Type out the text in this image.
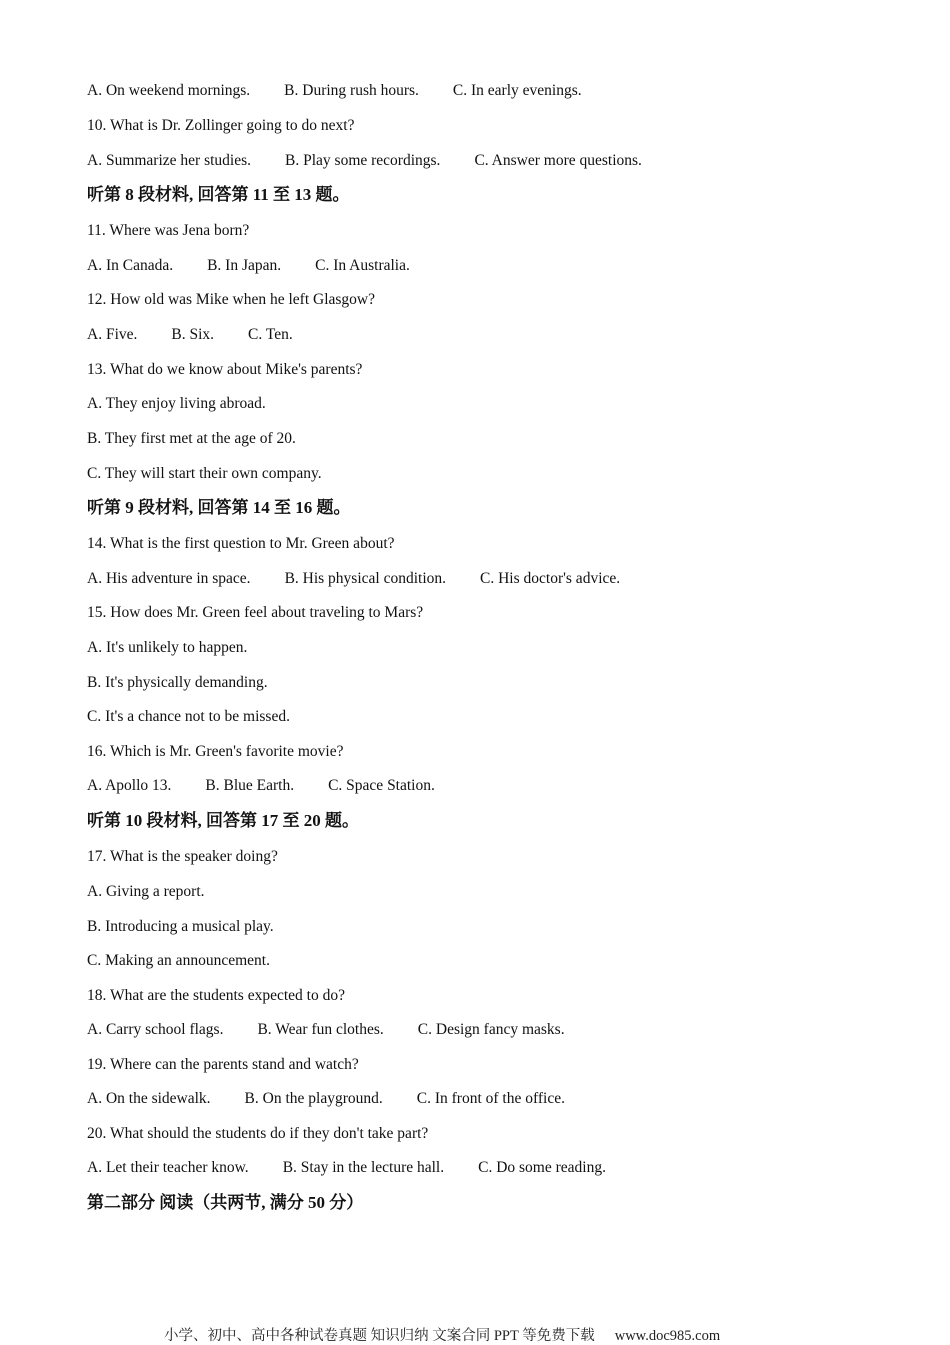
A. On weekend mornings. B. During rush hours. C. In early evenings.
10. What is Dr. Zollinger going to do next?
A. Summarize her studies. B. Play some recordings. C. Answer more questions.
听第 8 段材料, 回答第 11 至 13 题。
11. Where was Jena born?
A. In Canada. B. In Japan. C. In Australia.
12. How old was Mike when he left Glasgow?
A. Five. B. Six. C. Ten.
13. What do we know about Mike's parents?
A. They enjoy living abroad.
B. They first met at the age of 20.
C. They will start their own company.
听第 9 段材料, 回答第 14 至 16 题。
14. What is the first question to Mr. Green about?
A. His adventure in space. B. His physical condition. C. His doctor's advice.
15. How does Mr. Green feel about traveling to Mars?
A. It's unlikely to happen.
B. It's physically demanding.
C. It's a chance not to be missed.
16. Which is Mr. Green's favorite movie?
A. Apollo 13. B. Blue Earth. C. Space Station.
听第 10 段材料, 回答第 17 至 20 题。
17. What is the speaker doing?
A. Giving a report.
B. Introducing a musical play.
C. Making an announcement.
18. What are the students expected to do?
A. Carry school flags. B. Wear fun clothes. C. Design fancy masks.
19. Where can the parents stand and watch?
A. On the sidewalk. B. On the playground. C. In front of the office.
20. What should the students do if they don't take part?
A. Let their teacher know. B. Stay in the lecture hall. C. Do some reading.
第二部分 阅读（共两节, 满分 50 分）
小学、初中、高中各种试卷真题 知识归纳 文案合同 PPT 等免费下载 www.doc985.com
